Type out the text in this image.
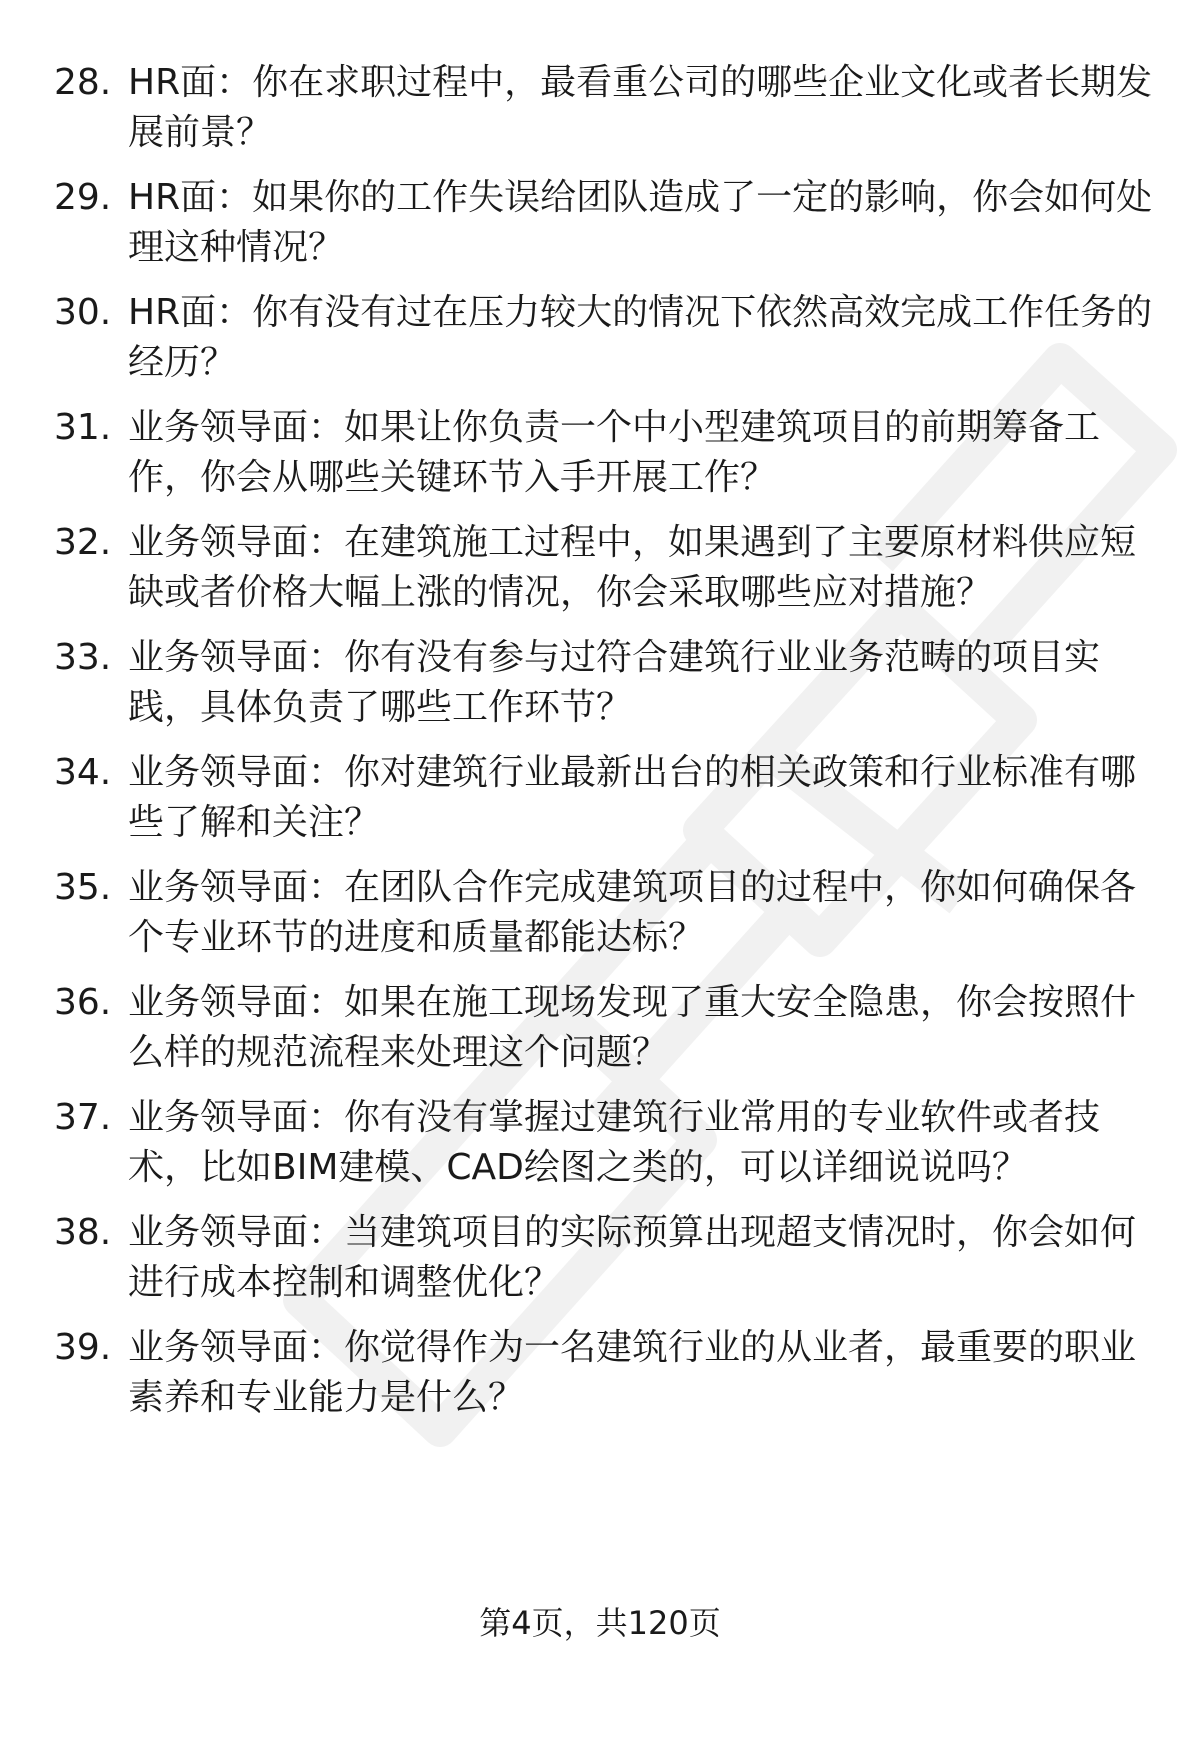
28. HR面：你在求职过程中，最看重公司的哪些企业文化或者长期发展前景？

29. HR面：如果你的工作失误给团队造成了一定的影响，你会如何处理这种情况？

30. HR面：你有没有过在压力较大的情况下依然高效完成工作任务的经历？

31. 业务领导面：如果让你负责一个中小型建筑项目的前期筹备工作，你会从哪些关键环节入手开展工作？

32. 业务领导面：在建筑施工过程中，如果遇到了主要原材料供应短缺或者价格大幅上涨的情况，你会采取哪些应对措施？

33. 业务领导面：你有没有参与过符合建筑行业业务范畴的项目实践，具体负责了哪些工作环节？

34. 业务领导面：你对建筑行业最新出台的相关政策和行业标准有哪些了解和关注？

35. 业务领导面：在团队合作完成建筑项目的过程中，你如何确保各个专业环节的进度和质量都能达标？

36. 业务领导面：如果在施工现场发现了重大安全隐患，你会按照什么样的规范流程来处理这个问题？

37. 业务领导面：你有没有掌握过建筑行业常用的专业软件或者技术，比如BIM建模、CAD绘图之类的，可以详细说说吗？

38. 业务领导面：当建筑项目的实际预算出现超支情况时，你会如何进行成本控制和调整优化？

39. 业务领导面：你觉得作为一名建筑行业的从业者，最重要的职业素养和专业能力是什么？

第4页，共120页
